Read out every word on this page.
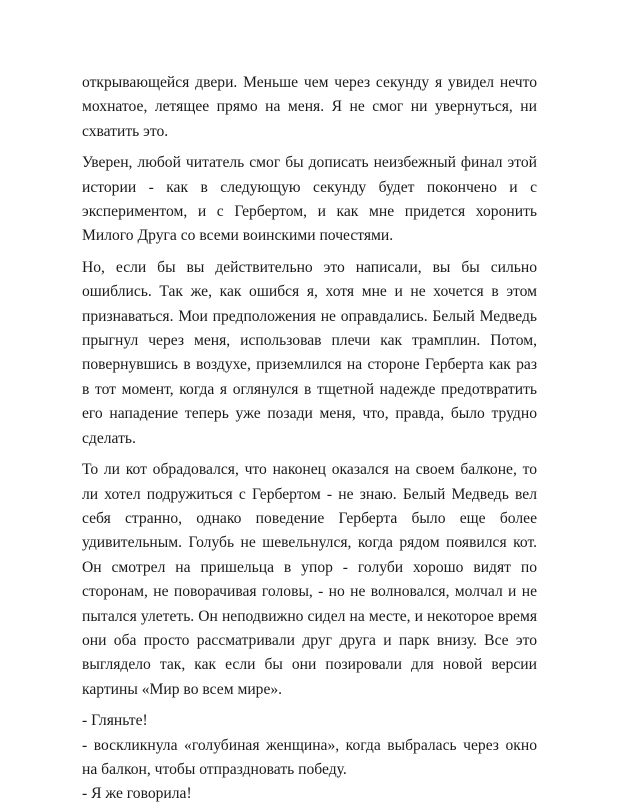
открывающейся двери. Меньше чем через секунду я увидел нечто мохнатое, летящее прямо на меня. Я не смог ни увернуться, ни схватить это.

Уверен, любой читатель смог бы дописать неизбежный финал этой истории - как в следующую секунду будет покончено и с экспериментом, и с Гербертом, и как мне придется хоронить Милого Друга со всеми воинскими почестями.

Но, если бы вы действительно это написали, вы бы сильно ошиблись. Так же, как ошибся я, хотя мне и не хочется в этом признаваться. Мои предположения не оправдались. Белый Медведь прыгнул через меня, использовав плечи как трамплин. Потом, повернувшись в воздухе, приземлился на стороне Герберта как раз в тот момент, когда я оглянулся в тщетной надежде предотвратить его нападение теперь уже позади меня, что, правда, было трудно сделать.

То ли кот обрадовался, что наконец оказался на своем балконе, то ли хотел подружиться с Гербертом - не знаю. Белый Медведь вел себя странно, однако поведение Герберта было еще более удивительным. Голубь не шевельнулся, когда рядом появился кот. Он смотрел на пришельца в упор - голуби хорошо видят по сторонам, не поворачивая головы, - но не волновался, молчал и не пытался улететь. Он неподвижно сидел на месте, и некоторое время они оба просто рассматривали друг друга и парк внизу. Все это выглядело так, как если бы они позировали для новой версии картины «Мир во всем мире».

- Гляньте!

- воскликнула «голубиная женщина», когда выбралась через окно на балкон, чтобы отпраздновать победу.

- Я же говорила!
